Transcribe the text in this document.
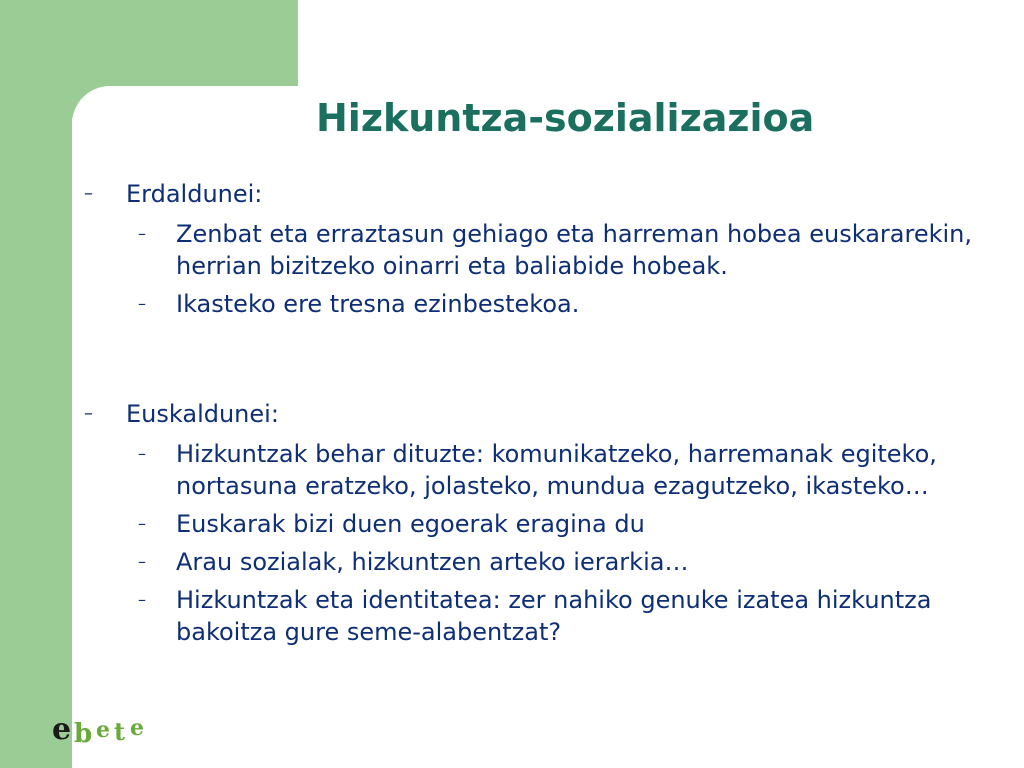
Hizkuntza-sozializazioa
–	Erdaldunei:
–	Zenbat eta erraztasun gehiago eta harreman hobea euskararekin, herrian bizitzeko oinarri eta baliabide hobeak.
–	Ikasteko ere tresna ezinbestekoa.
–	Euskaldunei:
–	Hizkuntzak behar dituzte: komunikatzeko, harremanak egiteko, nortasuna eratzeko, jolasteko, mundua ezagutzeko, ikasteko…
–	Euskarak bizi duen egoerak eragina du
–	Arau sozialak, hizkuntzen arteko ierarkia…
–	Hizkuntzak eta identitatea: zer nahiko genuke izatea hizkuntza bakoitza gure seme-alabentzat?
e b e t e
